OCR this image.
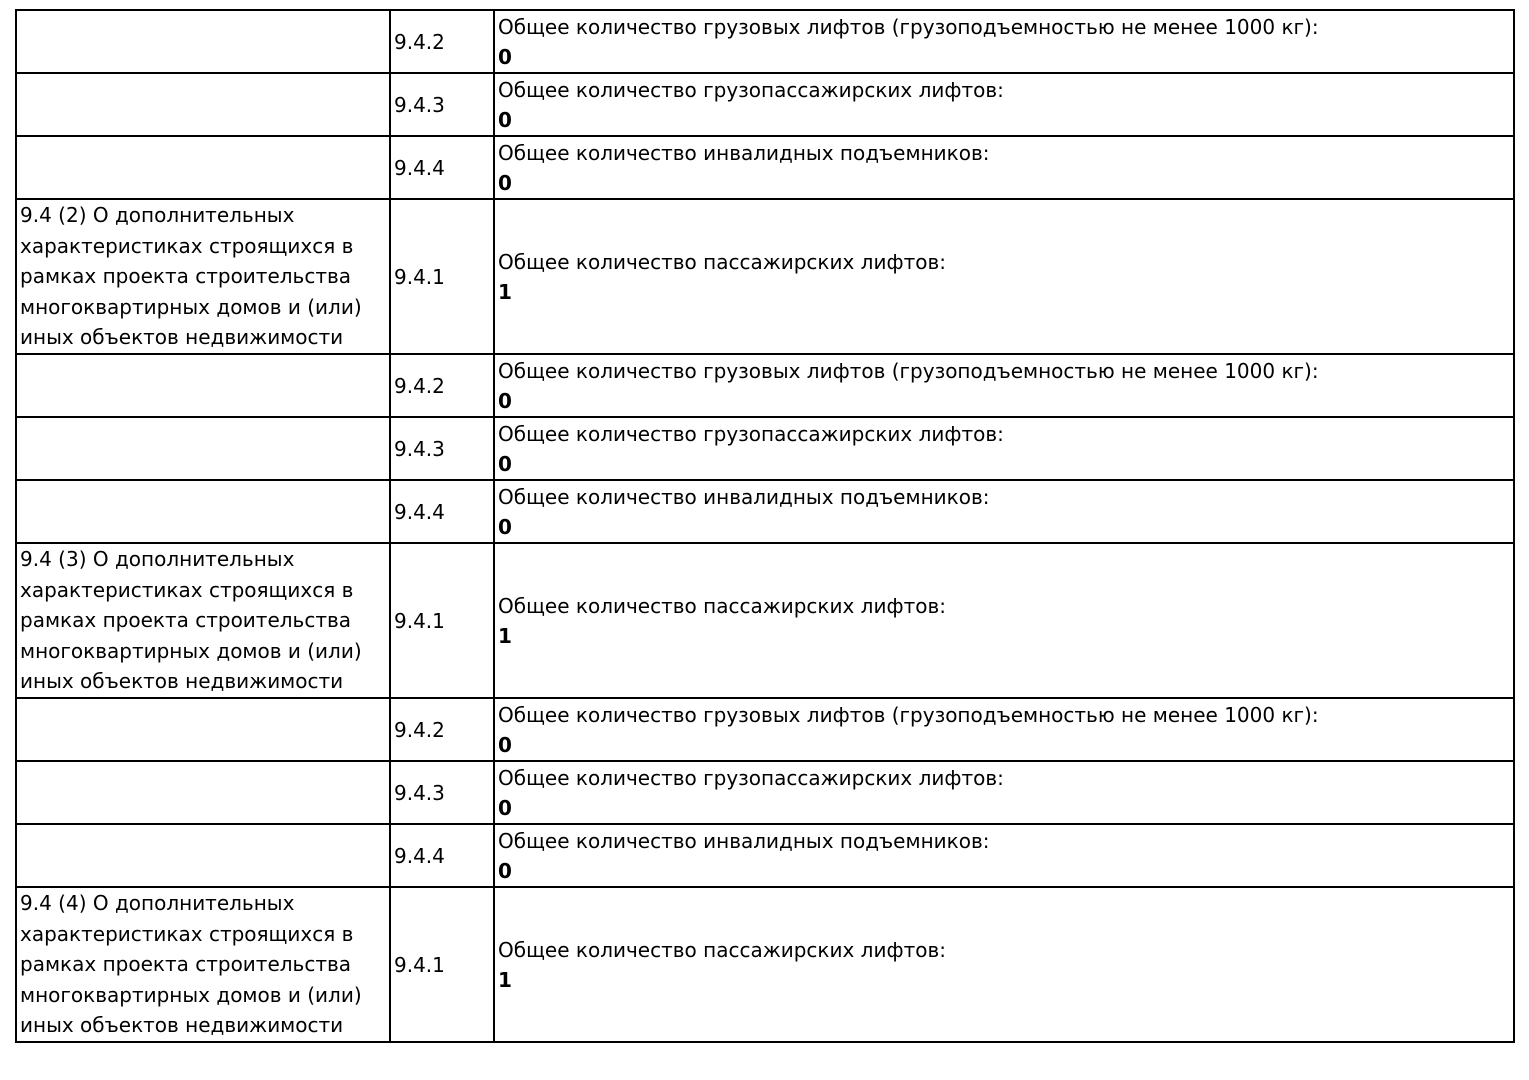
	9.4.2	Общее количество грузовых лифтов (грузоподъемностью не менее 1000 кг):
0

	9.4.3	Общее количество грузопассажирских лифтов:
0

	9.4.4	Общее количество инвалидных подъемников:
0

9.4 (2) О дополнительных характеристиках строящихся в рамках проекта строительства многоквартирных домов и (или) иных объектов недвижимости	9.4.1	Общее количество пассажирских лифтов:
1

	9.4.2	Общее количество грузовых лифтов (грузоподъемностью не менее 1000 кг):
0

	9.4.3	Общее количество грузопассажирских лифтов:
0

	9.4.4	Общее количество инвалидных подъемников:
0

9.4 (3) О дополнительных характеристиках строящихся в рамках проекта строительства многоквартирных домов и (или) иных объектов недвижимости	9.4.1	Общее количество пассажирских лифтов:
1

	9.4.2	Общее количество грузовых лифтов (грузоподъемностью не менее 1000 кг):
0

	9.4.3	Общее количество грузопассажирских лифтов:
0

	9.4.4	Общее количество инвалидных подъемников:
0

9.4 (4) О дополнительных характеристиках строящихся в рамках проекта строительства многоквартирных домов и (или) иных объектов недвижимости	9.4.1	Общее количество пассажирских лифтов:
1
